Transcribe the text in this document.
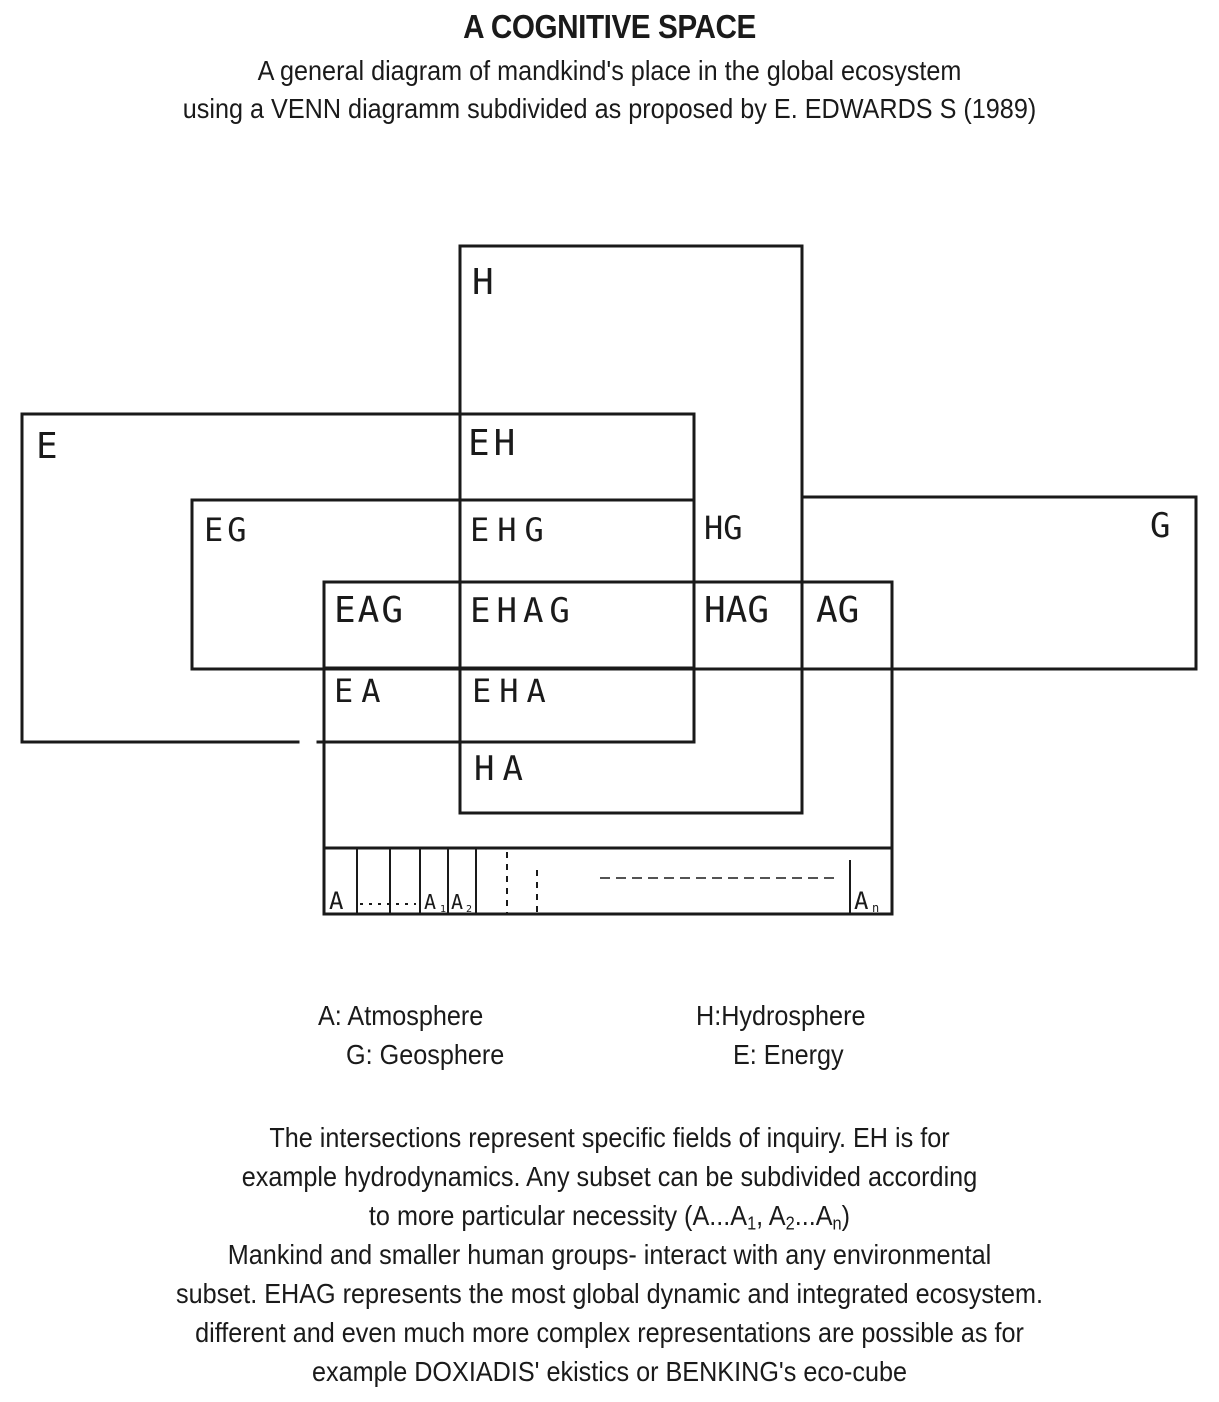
A COGNITIVE SPACE
A general diagram of mandkind's place in the global ecosystem
using a VENN diagramm subdivided as proposed by E. EDWARDS S (1989)
E
G
H
EH
EG	EHG	HG
EAG EHAG	HAG AG
EA	EHA
HA
A	A 1 A 2	A n
A: Atmosphere
G: Geosphere
H:Hydrosphere
E: Energy
The intersections represent specific fields of inquiry. EH is for
example hydrodynamics. Any subset can be subdivided according
to more particular necessity ($A...A_1$, $A_2...A_n$)
Mankind and smaller human groups- interact with any environmental
subset. EHAG represents the most global dynamic and integrated ecosystem.
different and even much more complex representations are possible as for
example DOXIADIS' ekistics or BENKING's eco-cube
